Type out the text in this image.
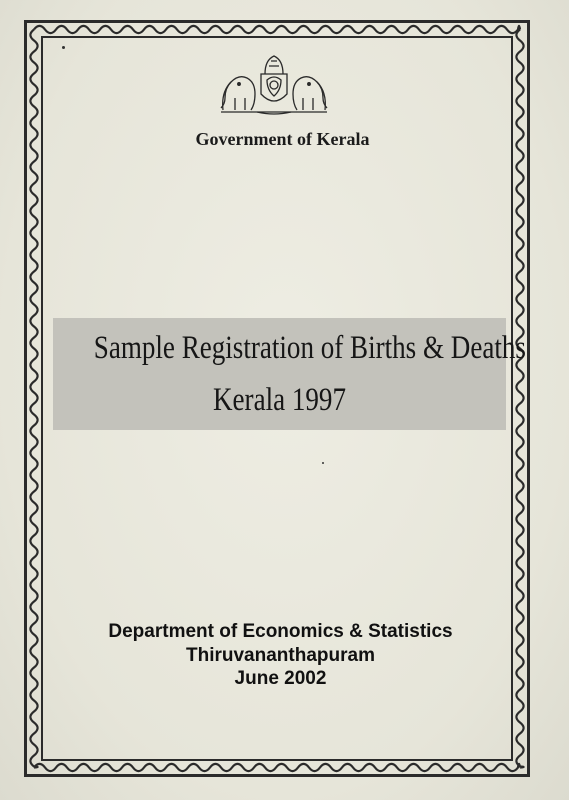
Government of Kerala
Sample Registration of Births & Deaths
Kerala 1997
Department of Economics & Statistics
Thiruvananthapuram
June 2002
